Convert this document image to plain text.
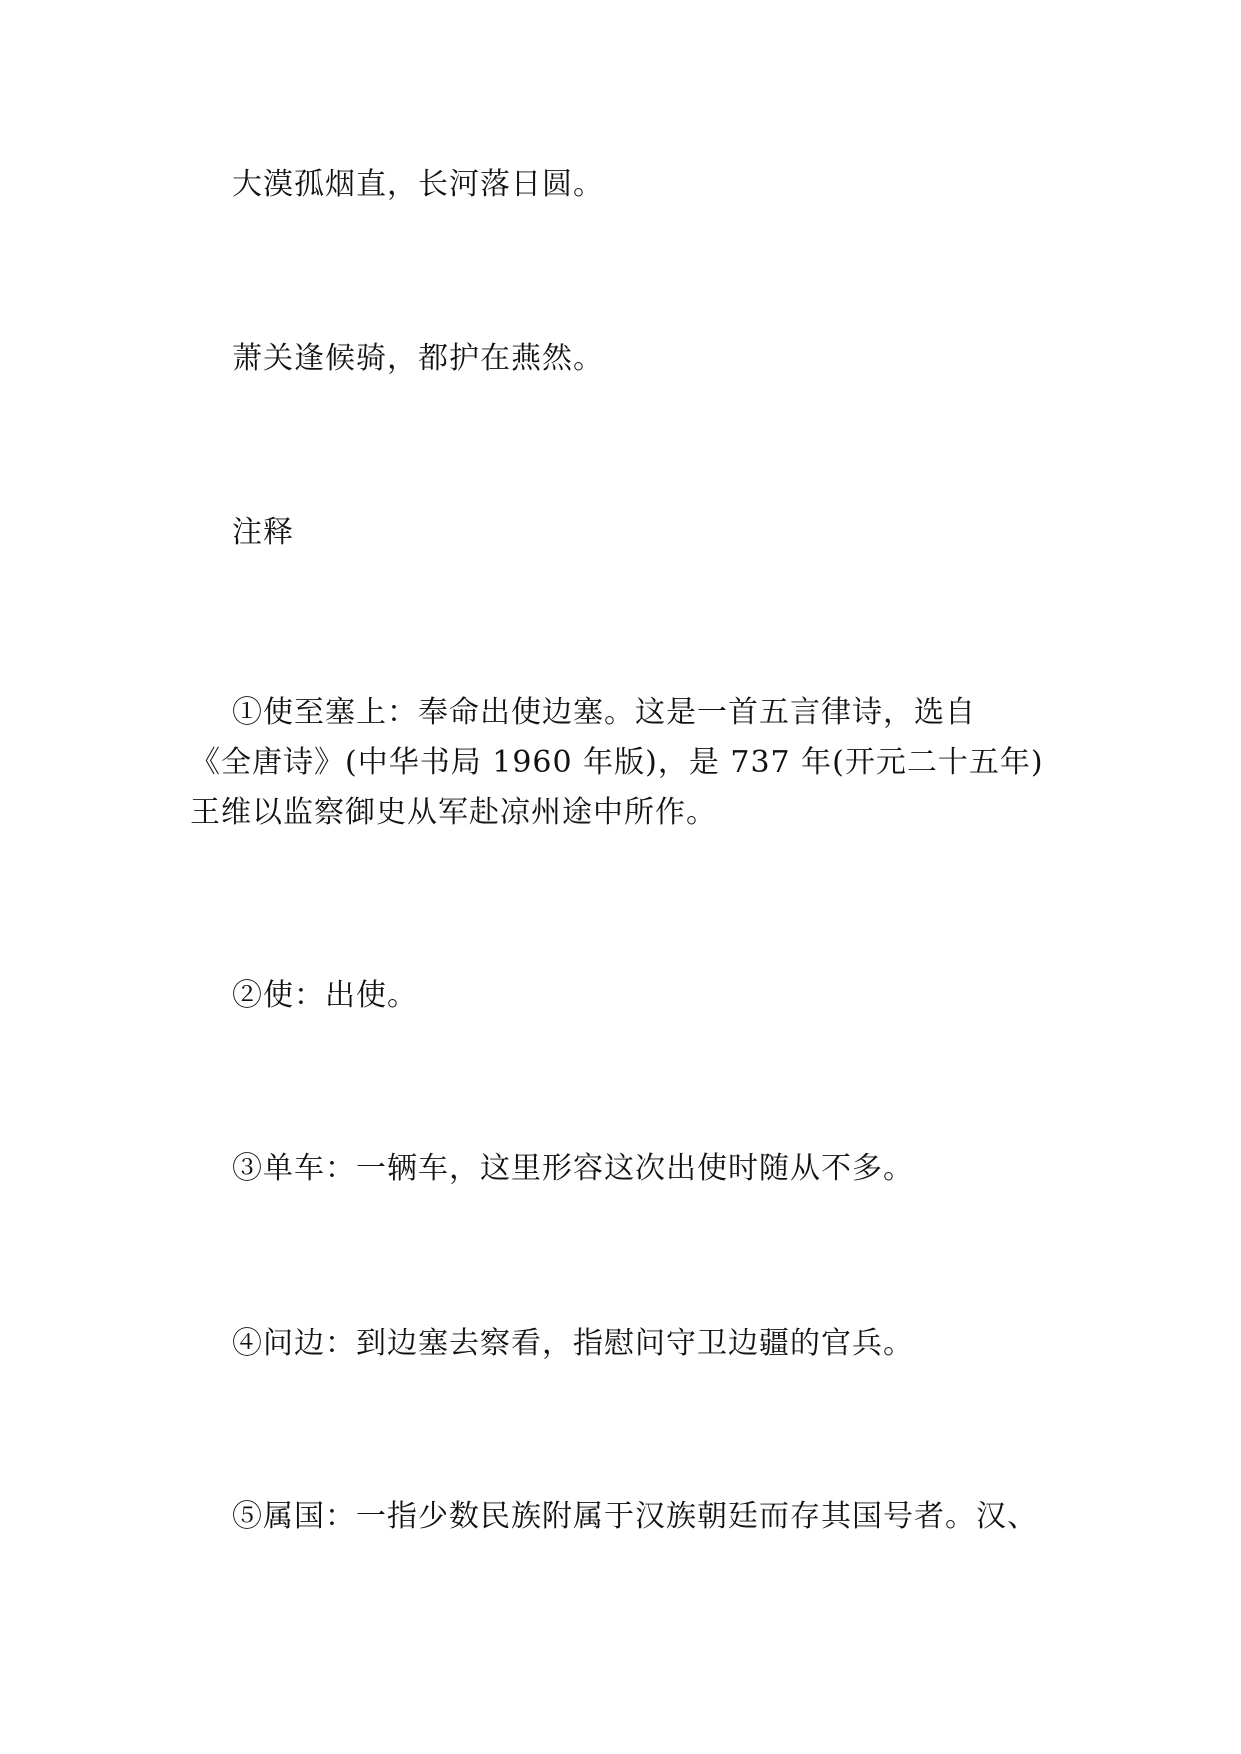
大漠孤烟直，长河落日圆。
萧关逢候骑，都护在燕然。
注释
①使至塞上：奉命出使边塞。这是一首五言律诗，选自
《全唐诗》(中华书局 1960 年版)，是 737 年(开元二十五年)
王维以监察御史从军赴凉州途中所作。
②使：出使。
③单车：一辆车，这里形容这次出使时随从不多。
④问边：到边塞去察看，指慰问守卫边疆的官兵。
⑤属国：一指少数民族附属于汉族朝廷而存其国号者。汉、
